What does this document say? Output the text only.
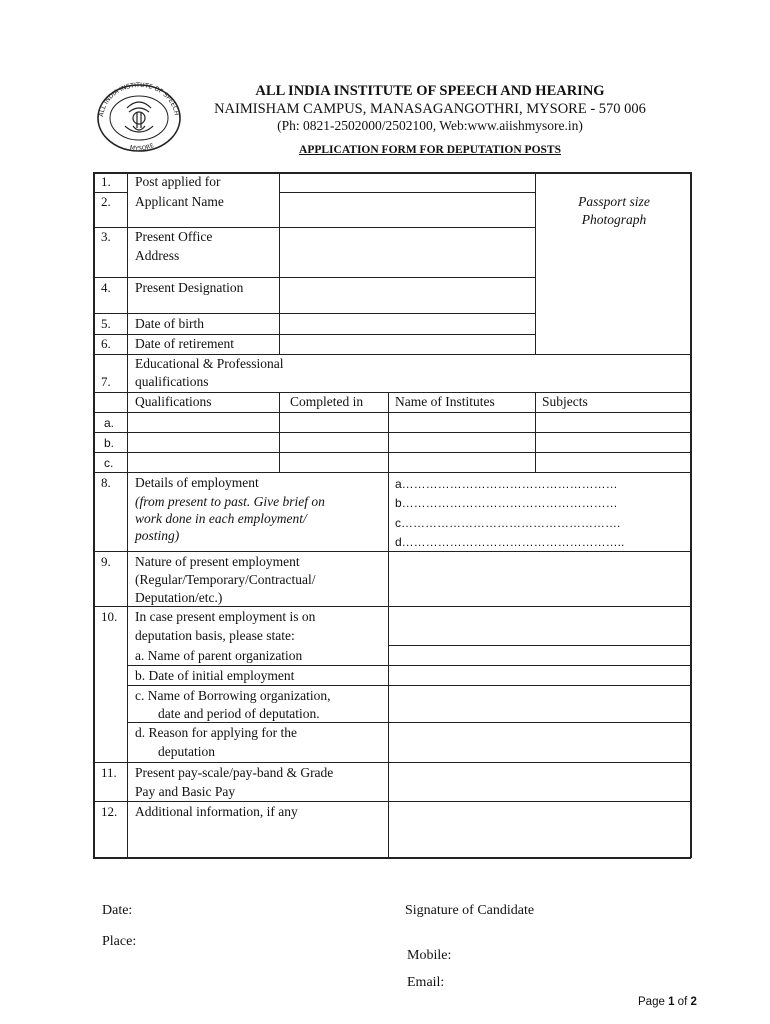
ALL INDIA INSTITUTE OF SPEECH
MYSORE
ALL INDIA INSTITUTE OF SPEECH AND HEARING
NAIMISHAM CAMPUS, MANASAGANGOTHRI, MYSORE - 570 006
(Ph: 0821-2502000/2502100, Web:www.aiishmysore.in)
APPLICATION FORM FOR DEPUTATION POSTS
Passport size
Photograph
1. Post applied for
2. Applicant Name
3. Present Office
Address
4. Present Designation
5. Date of birth
6. Date of retirement
Educational & Professional
qualifications
7.
Qualifications	Completed in Name of Institutes	Subjects
a.
b.
c.
8. Details of employment
(from present to past. Give brief on
work done in each employment/
posting)
a………………………………………………
b………………………………………………
c……………………………………………….
d………………………………………………..
9. Nature of present employment
(Regular/Temporary/Contractual/
Deputation/etc.)
10. In case present employment is on
deputation basis, please state:
a. Name of parent organization
b. Date of initial employment
c. Name of Borrowing organization,
date and period of deputation.
d. Reason for applying for the
deputation
11. Present pay-scale/pay-band & Grade
Pay and Basic Pay
12. Additional information, if any
Date:
Place:
Signature of Candidate
Mobile:
Email:
Page 1 of 2
